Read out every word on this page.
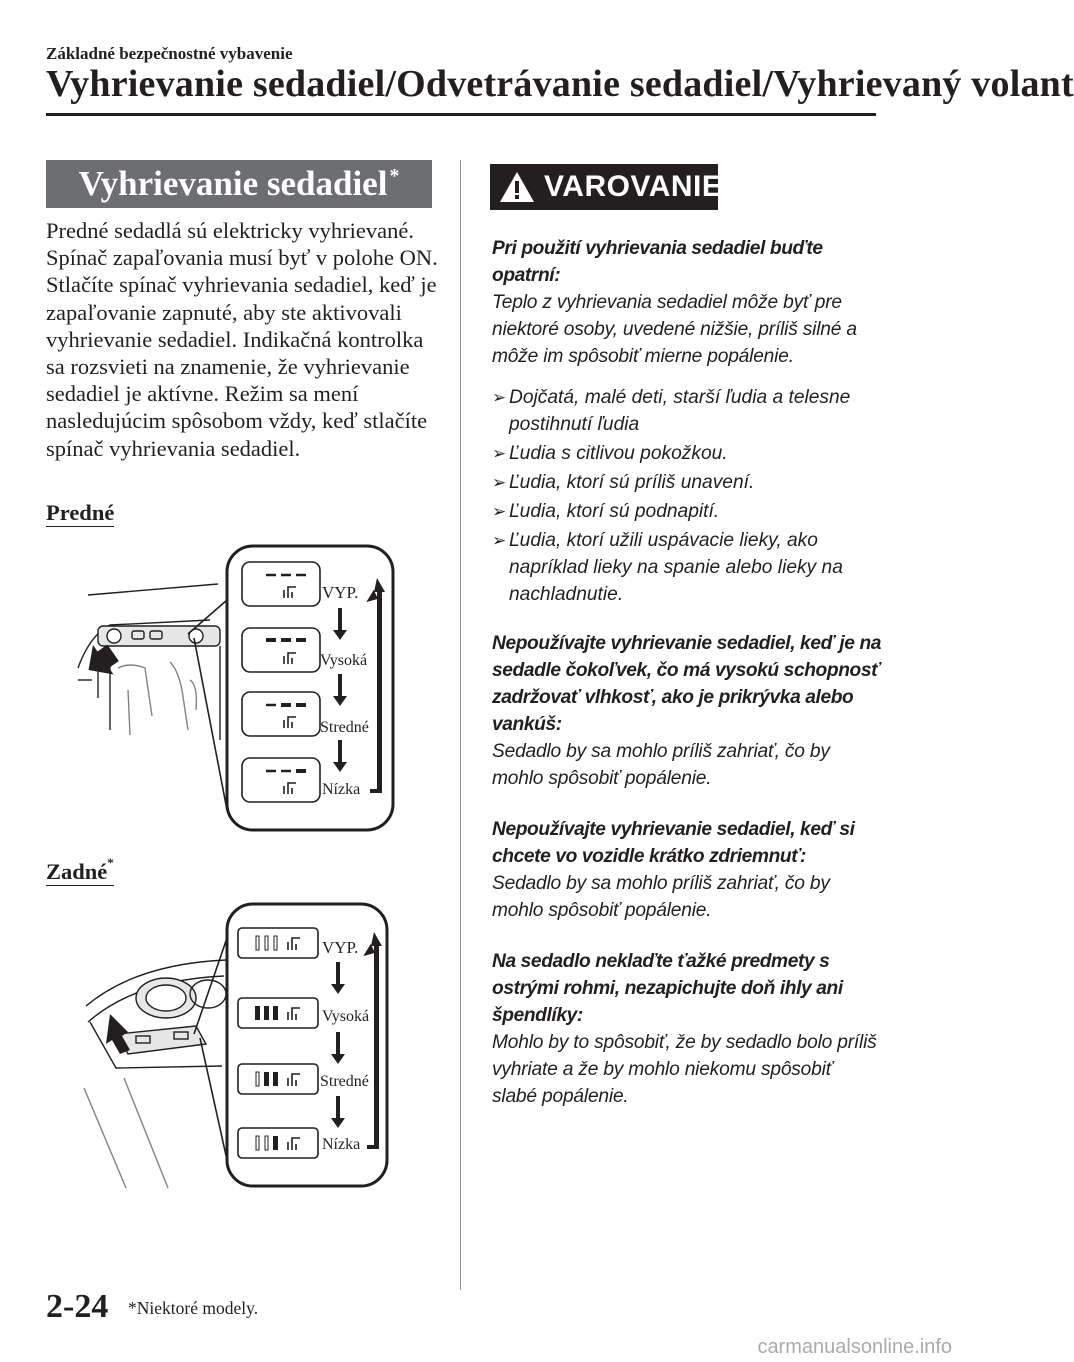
Základné bezpečnostné vybavenie
Vyhrievanie sedadiel/Odvetrávanie sedadiel/Vyhrievaný volant
Vyhrievanie sedadiel*

Predné sedadlá sú elektricky vyhrievané. Spínač zapaľovania musí byť v polohe ON.

Stlačíte spínač vyhrievania sedadiel, keď je zapaľovanie zapnuté, aby ste aktivovali vyhrievanie sedadiel. Indikačná kontrolka sa rozsvieti na znamenie, že vyhrievanie sedadiel je aktívne. Režim sa mení nasledujúcim spôsobom vždy, keď stlačíte spínač vyhrievania sedadiel.

Predné
VYP.
Vysoká
Stredné
Nízka
Zadné*
VYP.
Vysoká
Stredné
Nízka
VAROVANIE
Pri použití vyhrievania sedadiel buďte opatrní:
Teplo z vyhrievania sedadiel môže byť pre niektoré osoby, uvedené nižšie, príliš silné a môže im spôsobiť mierne popálenie.
➢ Dojčatá, malé deti, starší ľudia a telesne postihnutí ľudia
➢ Ľudia s citlivou pokožkou.
➢ Ľudia, ktorí sú príliš unavení.
➢ Ľudia, ktorí sú podnapití.
➢ Ľudia, ktorí užili uspávacie lieky, ako napríklad lieky na spanie alebo lieky na nachladnutie.
Nepoužívajte vyhrievanie sedadiel, keď je na sedadle čokoľvek, čo má vysokú schopnosť zadržovať vlhkosť, ako je prikrývka alebo vankúš:
Sedadlo by sa mohlo príliš zahriať, čo by mohlo spôsobiť popálenie.
Nepoužívajte vyhrievanie sedadiel, keď si chcete vo vozidle krátko zdriemnuť:
Sedadlo by sa mohlo príliš zahriať, čo by mohlo spôsobiť popálenie.
Na sedadlo neklaďte ťažké predmety s ostrými rohmi, nezapichujte doň ihly ani špendlíky:
Mohlo by to spôsobiť, že by sedadlo bolo príliš vyhriate a že by mohlo niekomu spôsobiť slabé popálenie.
2-24 *Niektoré modely.
carmanualsonline.info
